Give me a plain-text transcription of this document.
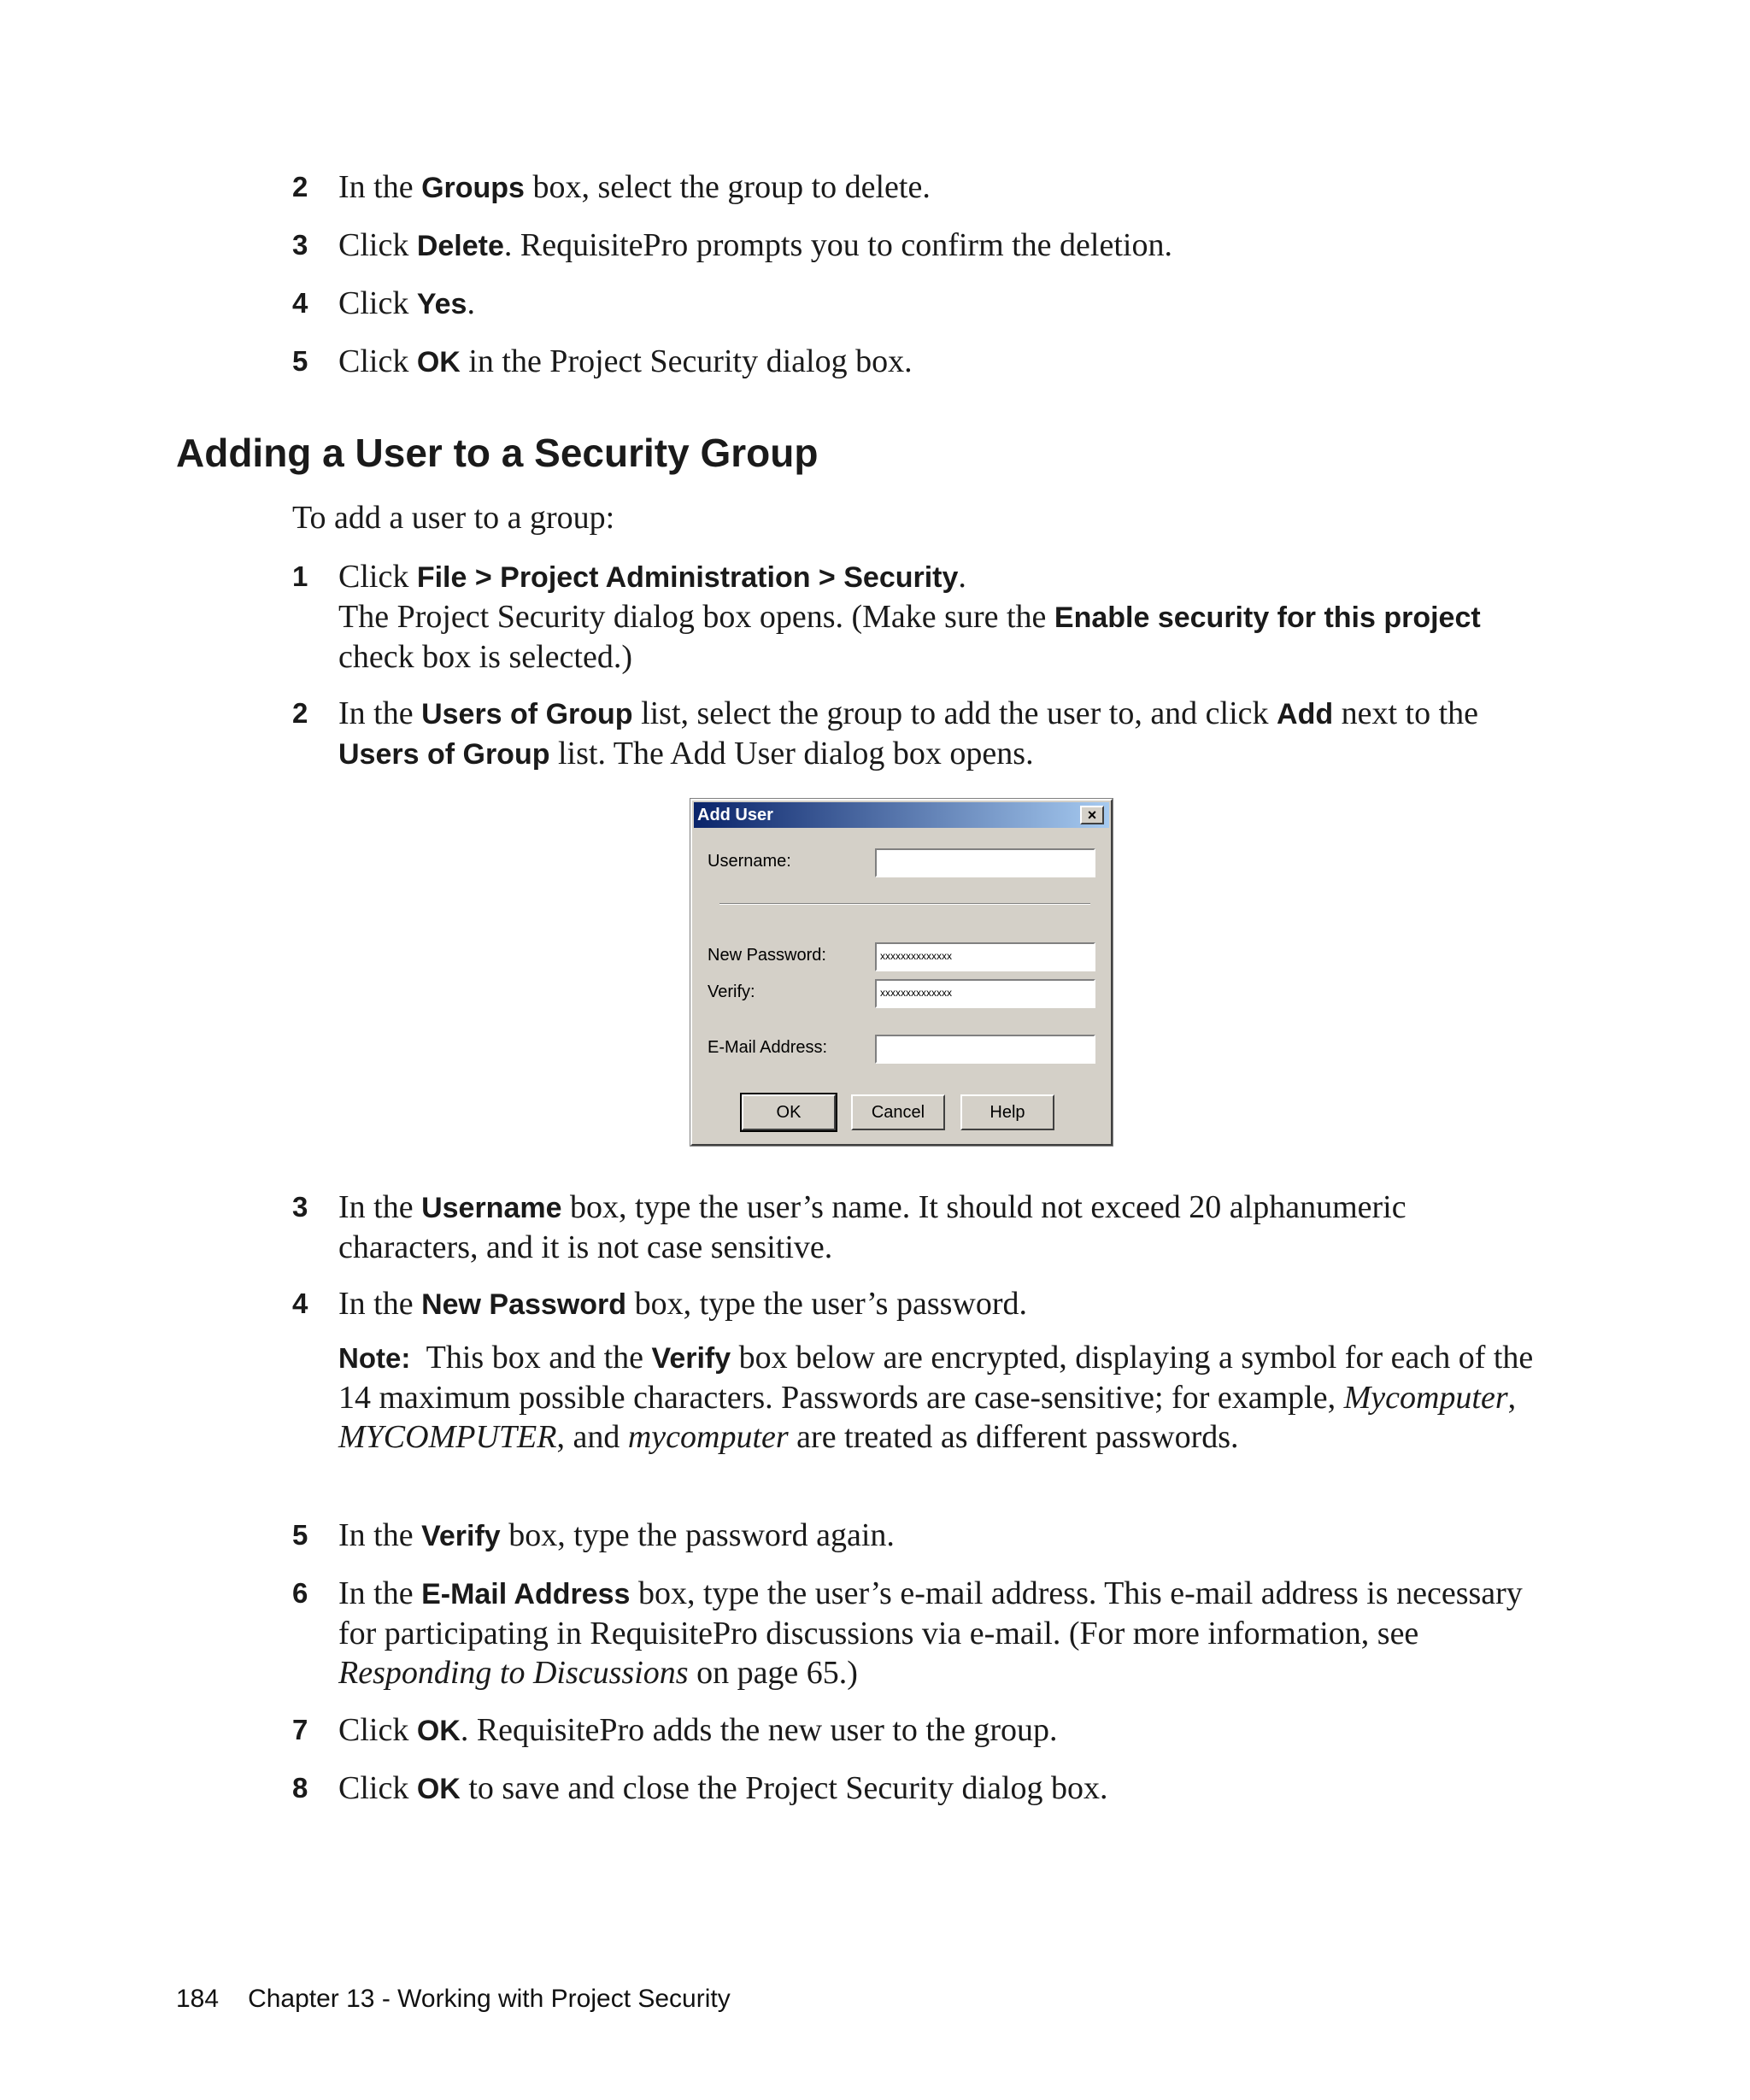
2 In the Groups box, select the group to delete.
3 Click Delete. RequisitePro prompts you to confirm the deletion.
4 Click Yes.
5 Click OK in the Project Security dialog box.
Adding a User to a Security Group
To add a user to a group:
1 Click File > Project Administration > Security.
The Project Security dialog box opens. (Make sure the Enable security for this project check box is selected.)
2 In the Users of Group list, select the group to add the user to, and click Add next to the Users of Group list. The Add User dialog box opens.
Add User	×
Username:
New Password:	xxxxxxxxxxxxxx
Verify:	xxxxxxxxxxxxxx
E-Mail Address:
OK	Cancel	Help
3 In the Username box, type the user’s name. It should not exceed 20 alphanumeric characters, and it is not case sensitive.
4 In the New Password box, type the user’s password.
Note: This box and the Verify box below are encrypted, displaying a symbol for each of the 14 maximum possible characters. Passwords are case-sensitive; for example, Mycomputer, MYCOMPUTER, and mycomputer are treated as different passwords.
5 In the Verify box, type the password again.
6 In the E-Mail Address box, type the user’s e-mail address. This e-mail address is necessary for participating in RequisitePro discussions via e-mail. (For more information, see Responding to Discussions on page 65.)
7 Click OK. RequisitePro adds the new user to the group.
8 Click OK to save and close the Project Security dialog box.
184 Chapter 13 - Working with Project Security
